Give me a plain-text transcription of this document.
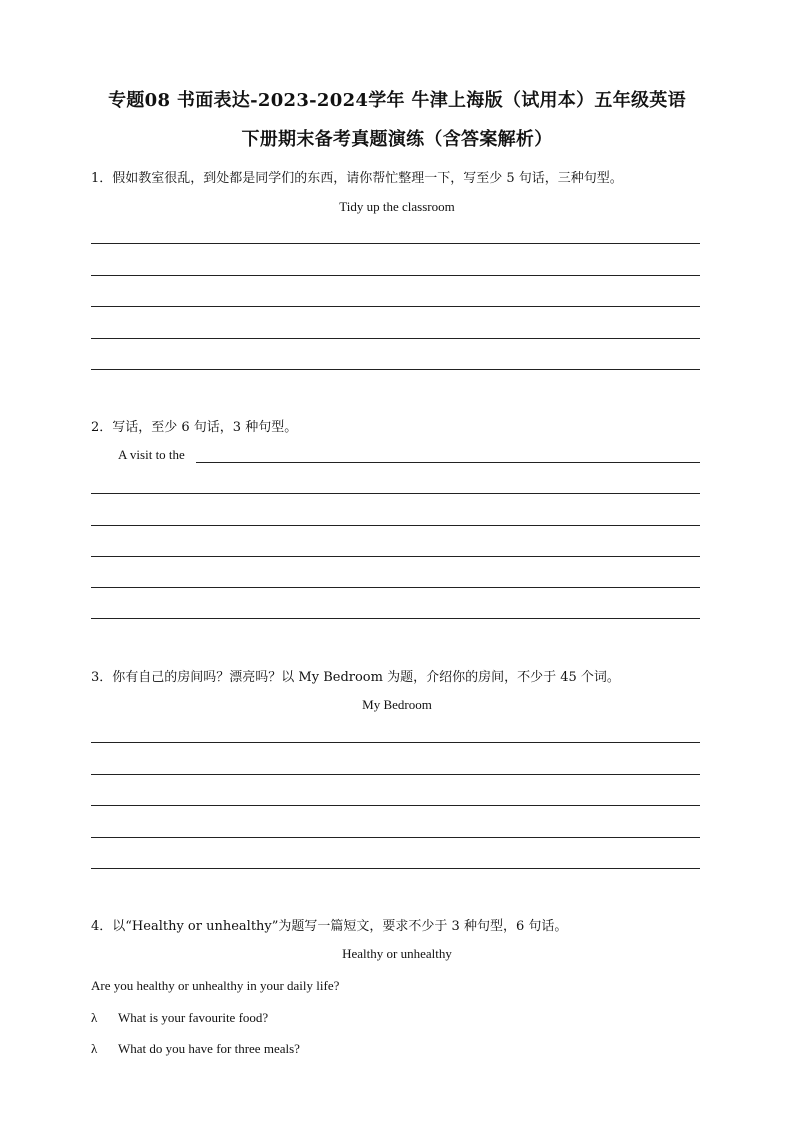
专题08 书面表达-2023-2024学年 牛津上海版（试用本）五年级英语
下册期末备考真题演练（含答案解析）
1．假如教室很乱，到处都是同学们的东西，请你帮忙整理一下，写至少 5 句话，三种句型。
Tidy up the classroom
2．写话，至少 6 句话，3 种句型。
A visit to the
3．你有自己的房间吗？漂亮吗？以 My Bedroom 为题，介绍你的房间，不少于 45 个词。
My Bedroom
4．以“Healthy or unhealthy”为题写一篇短文，要求不少于 3 种句型，6 句话。
Healthy or unhealthy
Are you healthy or unhealthy in your daily life?
λ What is your favourite food?
λ What do you have for three meals?
